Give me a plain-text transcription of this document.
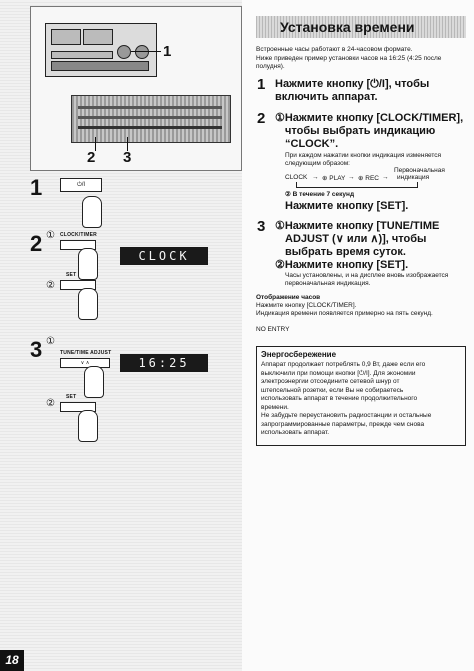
1
2 3
1	⏻/I
2 ① CLOCK/TIMER
CLOCK
②
SET
3 ①
TUNE/TIME ADJUST
∨ ∧	16:25
②
SET
Установка времени
Встроенные часы работают в 24-часовом формате.
Ниже приведен пример установки часов на 16:25 (4:25 после
полудня).
1 Нажмите кнопку [⏻/I], чтобы
включить аппарат.
2 ①Нажмите кнопку [CLOCK/TIMER],
чтобы выбрать индикацию
“CLOCK”.
При каждом нажатии кнопки индикация изменяется
следующим образом:
CLOCK → ⊕ PLAY → ⊕ REC →
Первоначальная
индикация
② В течение 7 секунд
Нажмите кнопку [SET].
3 ①Нажмите кнопку [TUNE/TIME
ADJUST (∨ или ∧)], чтобы
выбрать время суток.
②Нажмите кнопку [SET].
Часы установлены, и на дисплее вновь изображается
первоначальная индикация.
Отображение часов
Нажмите кнопку [CLOCK/TIMER].
Индикация времени появляется примерно на пять секунд.
NO ENTRY
Энергосбережение
Аппарат продолжает потреблять 0,9 Вт, даже если его
выключили при помощи кнопки [⏻/I]. Для экономии
электроэнергии отсоедините сетевой шнур от
штепсельной розетки, если Вы не собираетесь
использовать аппарат в течение продолжительного
времени.
Не забудьте переустановить радиостанции и остальные
запрограммированные параметры, прежде чем снова
использовать аппарат.
18
